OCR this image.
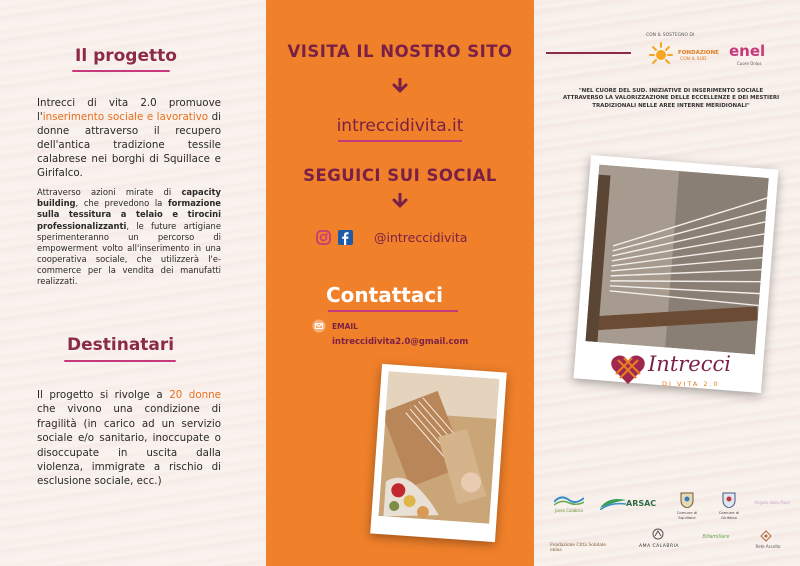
Il progetto
Intrecci di vita 2.0 promuove l'inserimento sociale e lavorativo di donne attraverso il recupero dell'antica tradizione tessile calabrese nei borghi di Squillace e Girifalco.
Attraverso azioni mirate di capacity building, che prevedono la formazione sulla tessitura a telaio e tirocini professionalizzanti, le future artigiane sperimenteranno un percorso di empowerment volto all'inserimento in una cooperativa sociale, che utilizzerà l'e-commerce per la vendita dei manufatti realizzati.
Destinatari
Il progetto si rivolge a 20 donne che vivono una condizione di fragilità (in carico ad un servizio sociale e/o sanitario, inoccupate o disoccupate in uscita dalla violenza, immigrate a rischio di esclusione sociale, ecc.)
VISITA IL NOSTRO SITO
intreccidivita.it
SEGUICI SUI SOCIAL
@intreccidivita
Contattaci
EMAIL
intreccidivita2.0@gmail.com
CON IL SOSTEGNO DI
FONDAZIONE
CON IL SUD enel
Cuore Onlus
"NEL CUORE DEL SUD. INIZIATIVE DI INSERIMENTO SOCIALE ATTRAVERSO LA VALORIZZAZIONE DELLE ECCELLENZE E DEI MESTIERI TRADIZIONALI NELLE AREE INTERNE MERIDIONALI"
Intrecci
DI VITA 2.0
Jonio Calabria
ARSAC
Comune di Squillace
Comune di Girifalco
Angelo della Pace
Fondazione Città Solidale onlus
AMA CALABRIA
Bifamiliare
Rete Ascolto
